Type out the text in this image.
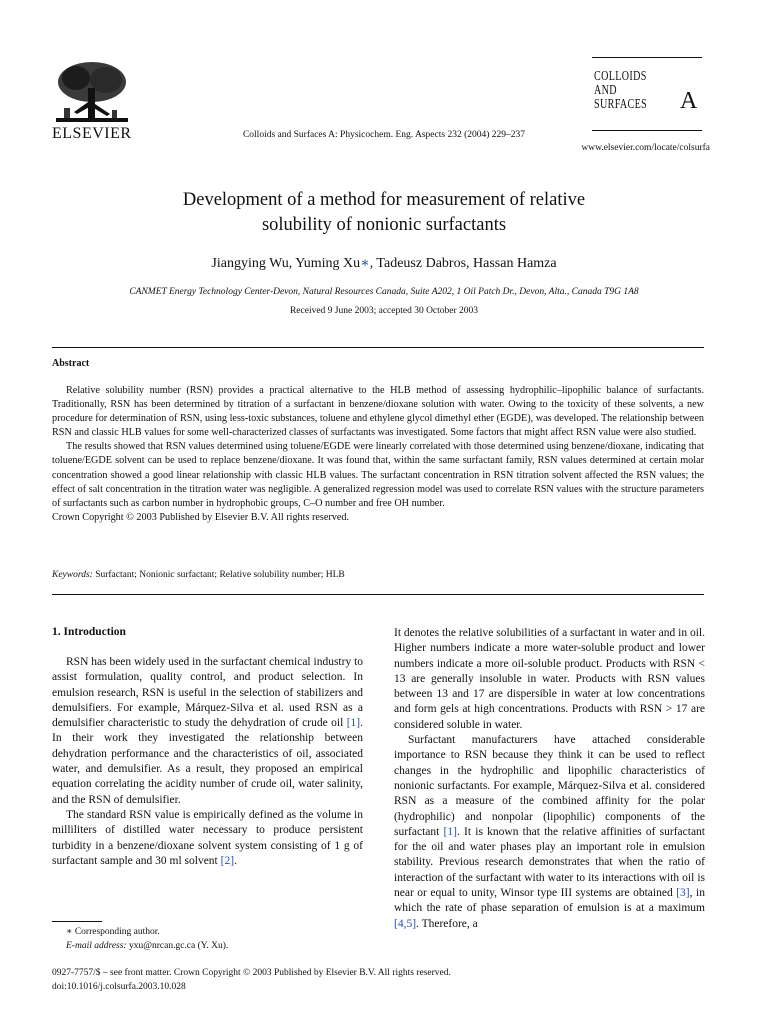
ELSEVIER	Colloids and Surfaces A: Physicochem. Eng. Aspects 232 (2004) 229–237
COLLOIDS
AND
SURFACES A
www.elsevier.com/locate/colsurfa
Development of a method for measurement of relative
solubility of nonionic surfactants
Jiangying Wu, Yuming Xu∗, Tadeusz Dabros, Hassan Hamza
CANMET Energy Technology Center-Devon, Natural Resources Canada, Suite A202, 1 Oil Patch Dr., Devon, Alta., Canada T9G 1A8
Received 9 June 2003; accepted 30 October 2003
Abstract

Relative solubility number (RSN) provides a practical alternative to the HLB method of assessing hydrophilic–lipophilic balance of surfactants. Traditionally, RSN has been determined by titration of a surfactant in benzene/dioxane solution with water. Owing to the toxicity of these solvents, a new procedure for determination of RSN, using less-toxic substances, toluene and ethylene glycol dimethyl ether (EGDE), was developed. The relationship between RSN and classic HLB values for some well-characterized classes of surfactants was investigated. Some factors that might affect RSN value were also studied.

The results showed that RSN values determined using toluene/EGDE were linearly correlated with those determined using benzene/dioxane, indicating that toluene/EGDE solvent can be used to replace benzene/dioxane. It was found that, within the same surfactant family, RSN values determined at certain molar concentration showed a good linear relationship with classic HLB values. The surfactant concentration in RSN titration solvent affected the RSN values; the effect of salt concentration in the titration water was negligible. A generalized regression model was used to correlate RSN values with the structure parameters of surfactants such as carbon number in hydrophobic groups, C–O number and free OH number.

Crown Copyright © 2003 Published by Elsevier B.V. All rights reserved.

Keywords: Surfactant; Nonionic surfactant; Relative solubility number; HLB
1. Introduction

RSN has been widely used in the surfactant chemical industry to assist formulation, quality control, and product selection. In emulsion research, RSN is useful in the selection of stabilizers and demulsifiers. For example, Márquez-Silva et al. used RSN as a demulsifier characteristic to study the dehydration of crude oil [1]. In their work they investigated the relationship between dehydration performance and the characteristics of oil, associated water, and demulsifier. As a result, they proposed an empirical equation correlating the acidity number of crude oil, water salinity, and the RSN of demulsifier.

The standard RSN value is empirically defined as the volume in milliliters of distilled water necessary to produce persistent turbidity in a benzene/dioxane solvent system consisting of 1 g of surfactant sample and 30 ml solvent [2].

It denotes the relative solubilities of a surfactant in water and in oil. Higher numbers indicate a more water-soluble product and lower numbers indicate a more oil-soluble product. Products with RSN < 13 are generally insoluble in water. Products with RSN values between 13 and 17 are dispersible in water at low concentrations and form gels at high concentrations. Products with RSN > 17 are considered soluble in water.

Surfactant manufacturers have attached considerable importance to RSN because they think it can be used to reflect changes in the hydrophilic and lipophilic characteristics of nonionic surfactants. For example, Márquez-Silva et al. considered RSN as a measure of the combined affinity for the polar (hydrophilic) and nonpolar (lipophilic) components of the surfactant [1]. It is known that the relative affinities of surfactant for the oil and water phases play an important role in emulsion stability. Previous research demonstrates that when the ratio of interaction of the surfactant with water to its interactions with oil is near or equal to unity, Winsor type III systems are obtained [3], in which the rate of phase separation of emulsion is at a maximum [4,5]. Therefore, a

∗ Corresponding author.
E-mail address: yxu@nrcan.gc.ca (Y. Xu).
0927-7757/$ – see front matter. Crown Copyright © 2003 Published by Elsevier B.V. All rights reserved.
doi:10.1016/j.colsurfa.2003.10.028
